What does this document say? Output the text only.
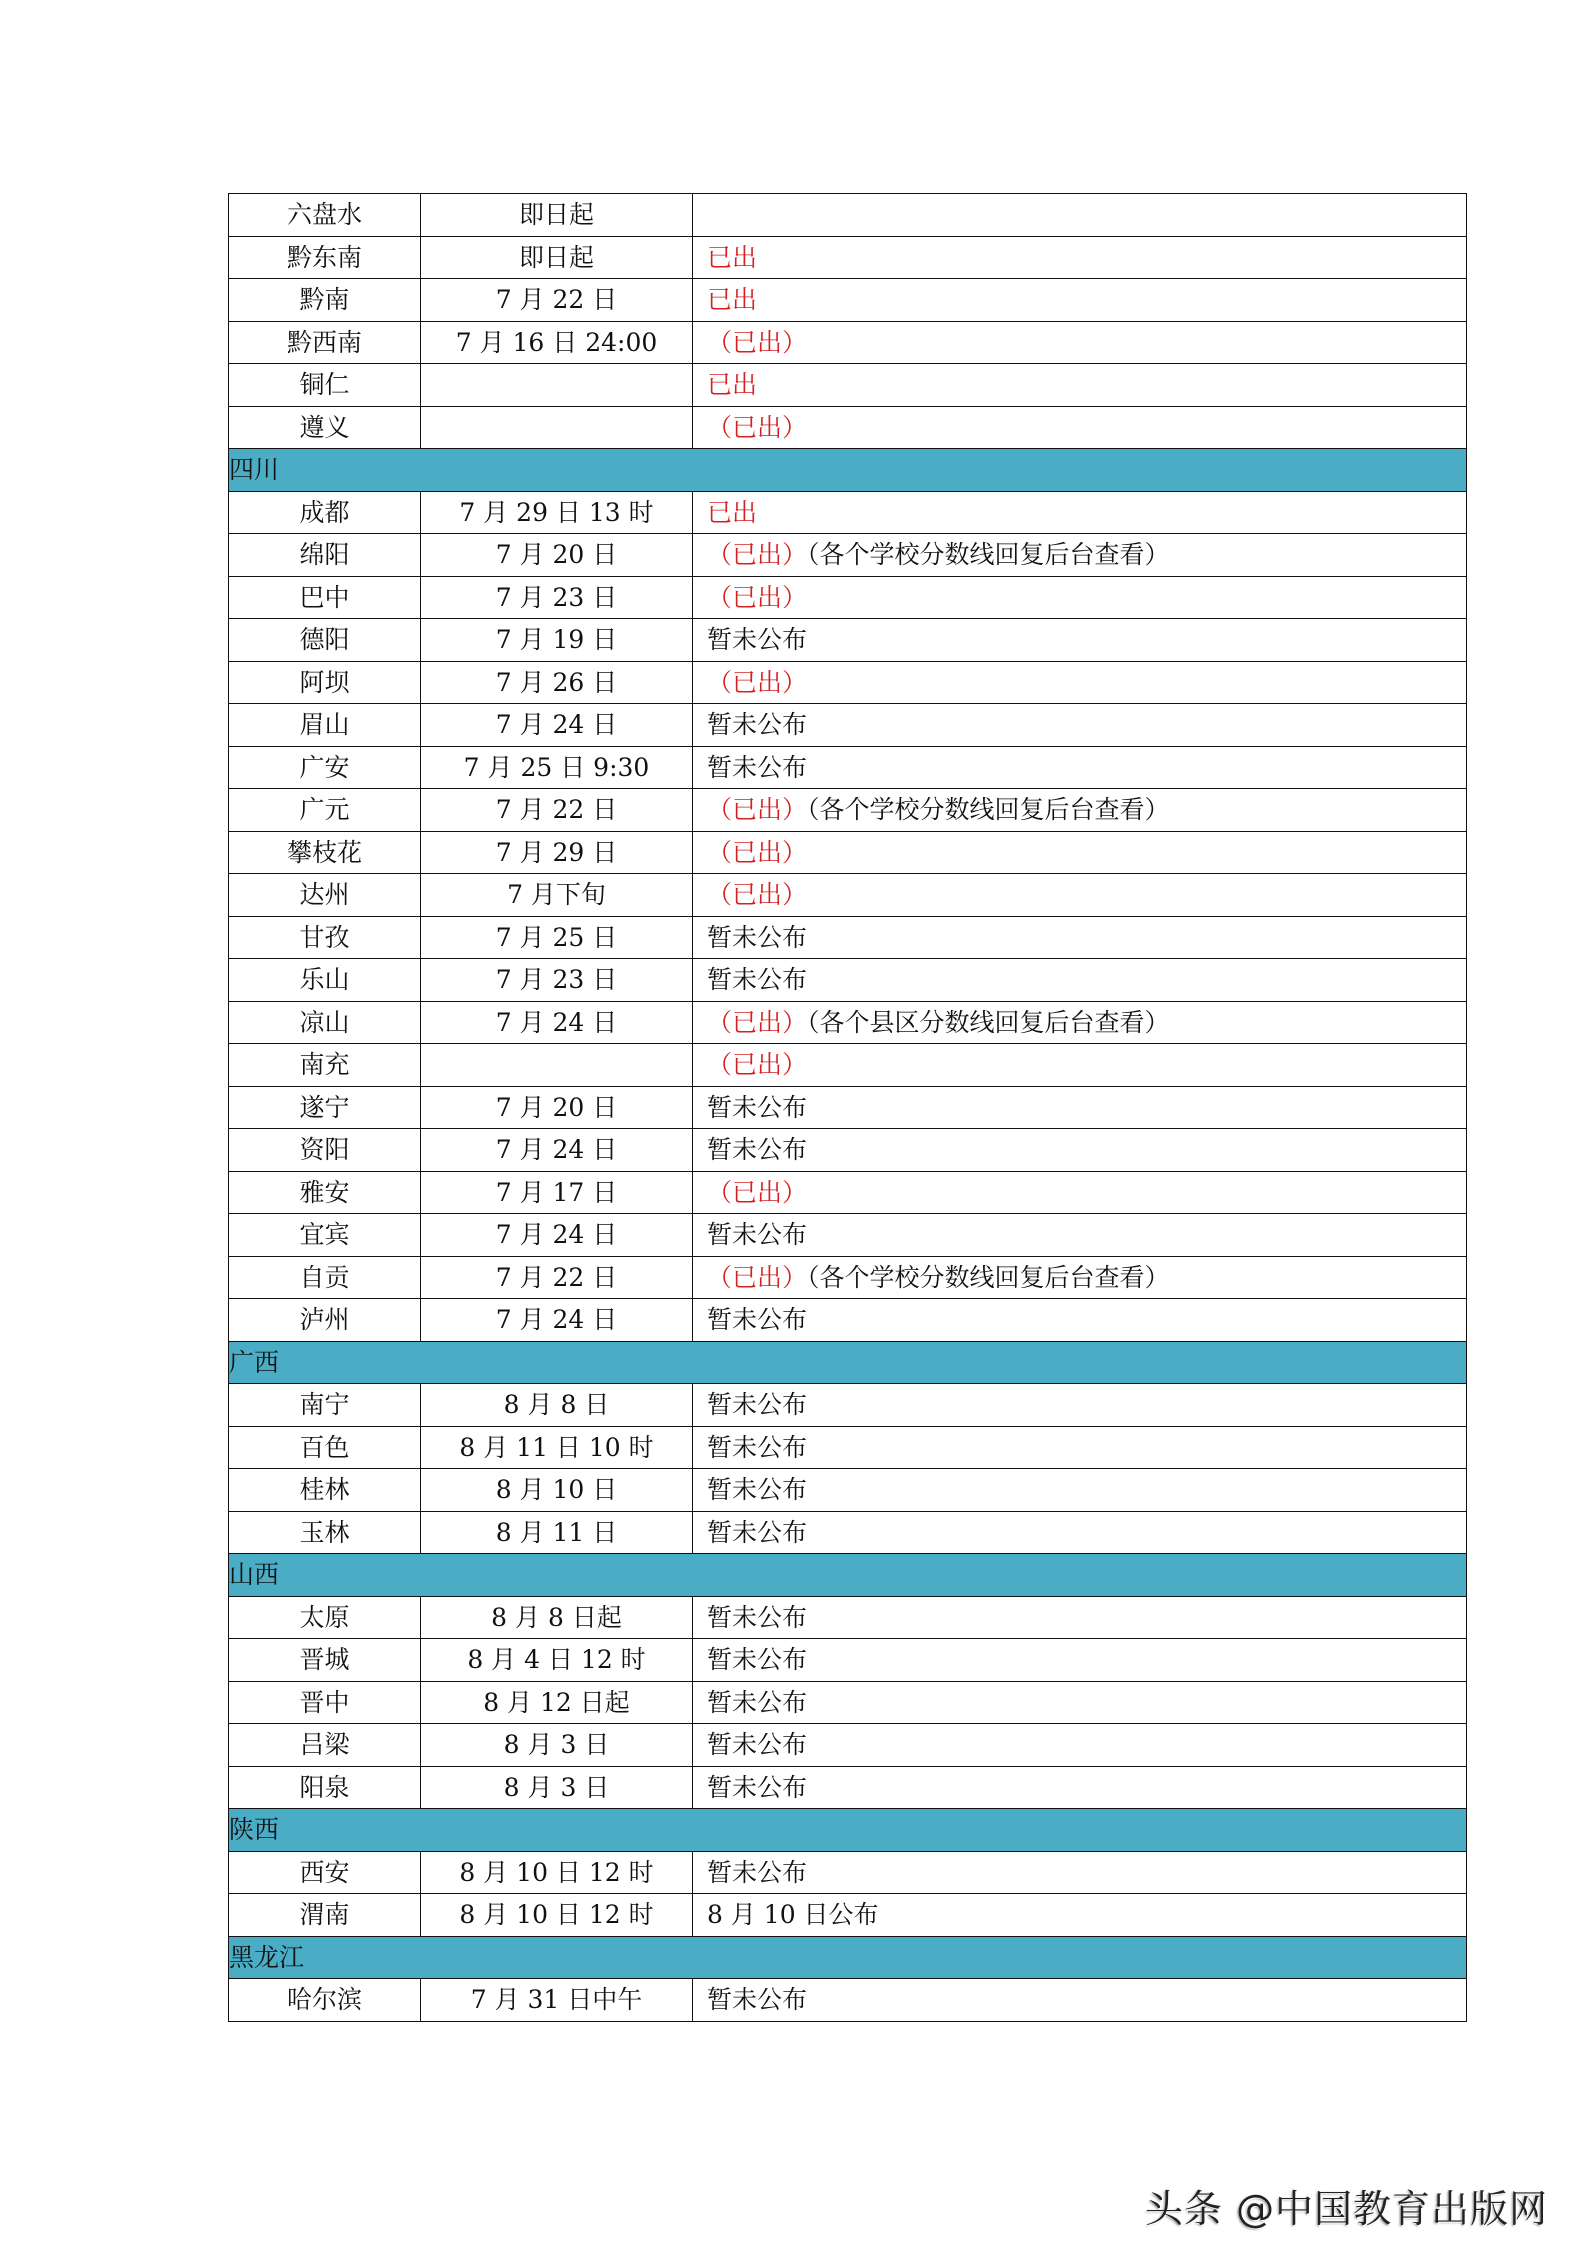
六盘水	即日起	
黔东南	即日起	已出
黔南	7 月 22 日	已出
黔西南	7 月 16 日 24:00	（已出）
铜仁		已出
遵义		（已出）
四川		
成都	7 月 29 日 13 时	已出
绵阳	7 月 20 日	（已出）（各个学校分数线回复后台查看）
巴中	7 月 23 日	（已出）
德阳	7 月 19 日	暂未公布
阿坝	7 月 26 日	（已出）
眉山	7 月 24 日	暂未公布
广安	7 月 25 日 9:30	暂未公布
广元	7 月 22 日	（已出）（各个学校分数线回复后台查看）
攀枝花	7 月 29 日	（已出）
达州	7 月下旬	（已出）
甘孜	7 月 25 日	暂未公布
乐山	7 月 23 日	暂未公布
凉山	7 月 24 日	（已出）（各个县区分数线回复后台查看）
南充		（已出）
遂宁	7 月 20 日	暂未公布
资阳	7 月 24 日	暂未公布
雅安	7 月 17 日	（已出）
宜宾	7 月 24 日	暂未公布
自贡	7 月 22 日	（已出）（各个学校分数线回复后台查看）
泸州	7 月 24 日	暂未公布
广西		
南宁	8 月 8 日	暂未公布
百色	8 月 11 日 10 时	暂未公布
桂林	8 月 10 日	暂未公布
玉林	8 月 11 日	暂未公布
山西		
太原	8 月 8 日起	暂未公布
晋城	8 月 4 日 12 时	暂未公布
晋中	8 月 12 日起	暂未公布
吕梁	8 月 3 日	暂未公布
阳泉	8 月 3 日	暂未公布
陕西		
西安	8 月 10 日 12 时	暂未公布
渭南	8 月 10 日 12 时	8 月 10 日公布
黑龙江		
哈尔滨	7 月 31 日中午	暂未公布
头条 @中国教育出版网
